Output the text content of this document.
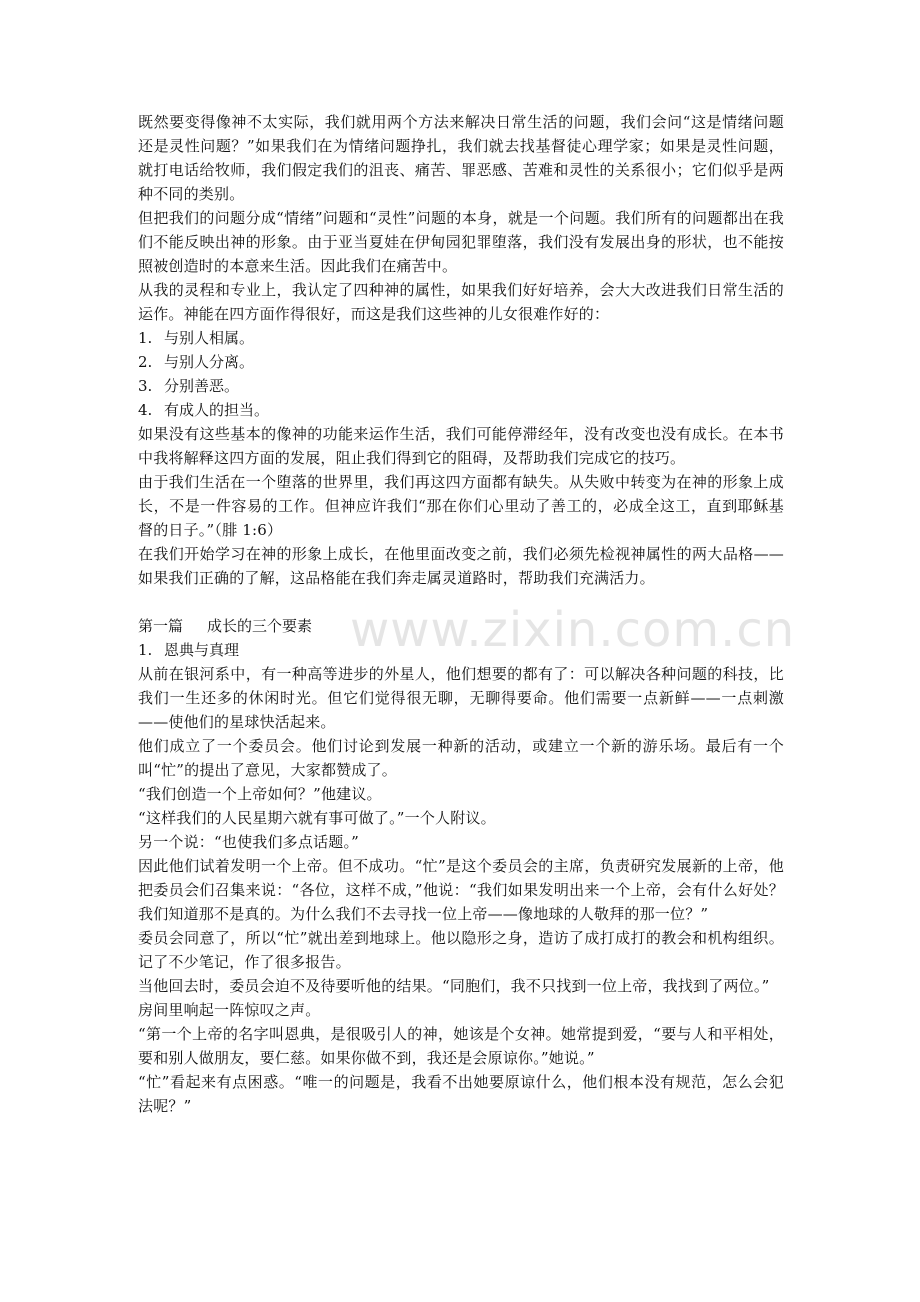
既然要变得像神不太实际，我们就用两个方法来解决日常生活的问题，我们会问“这是情绪问题还是灵性问题？”如果我们在为情绪问题挣扎，我们就去找基督徒心理学家；如果是灵性问题，就打电话给牧师，我们假定我们的沮丧、痛苦、罪恶感、苦难和灵性的关系很小；它们似乎是两种不同的类别。

但把我们的问题分成“情绪”问题和“灵性”问题的本身，就是一个问题。我们所有的问题都出在我们不能反映出神的形象。由于亚当夏娃在伊甸园犯罪堕落，我们没有发展出身的形状，也不能按照被创造时的本意来生活。因此我们在痛苦中。

从我的灵程和专业上，我认定了四种神的属性，如果我们好好培养，会大大改进我们日常生活的运作。神能在四方面作得很好，而这是我们这些神的儿女很难作好的：

1. 与别人相属。
2. 与别人分离。
3. 分别善恶。
4. 有成人的担当。

如果没有这些基本的像神的功能来运作生活，我们可能停滞经年，没有改变也没有成长。在本书中我将解释这四方面的发展，阻止我们得到它的阻碍，及帮助我们完成它的技巧。

由于我们生活在一个堕落的世界里，我们再这四方面都有缺失。从失败中转变为在神的形象上成长，不是一件容易的工作。但神应许我们“那在你们心里动了善工的，必成全这工，直到耶稣基督的日子。”（腓 1:6）

在我们开始学习在神的形象上成长，在他里面改变之前，我们必须先检视神属性的两大品格——如果我们正确的了解，这品格能在我们奔走属灵道路时，帮助我们充满活力。

第一篇 成长的三个要素

1. 恩典与真理

从前在银河系中，有一种高等进步的外星人，他们想要的都有了：可以解决各种问题的科技，比我们一生还多的休闲时光。但它们觉得很无聊，无聊得要命。他们需要一点新鲜——一点刺激——使他们的星球快活起来。

他们成立了一个委员会。他们讨论到发展一种新的活动，或建立一个新的游乐场。最后有一个叫“忙”的提出了意见，大家都赞成了。

“我们创造一个上帝如何？”他建议。

“这样我们的人民星期六就有事可做了。”一个人附议。

另一个说：“也使我们多点话题。”

因此他们试着发明一个上帝。但不成功。“忙”是这个委员会的主席，负责研究发展新的上帝，他把委员会们召集来说：“各位，这样不成，”他说：“我们如果发明出来一个上帝，会有什么好处？我们知道那不是真的。为什么我们不去寻找一位上帝——像地球的人敬拜的那一位？”

委员会同意了，所以“忙”就出差到地球上。他以隐形之身，造访了成打成打的教会和机构组织。记了不少笔记，作了很多报告。

当他回去时，委员会迫不及待要听他的结果。“同胞们，我不只找到一位上帝，我找到了两位。”

房间里响起一阵惊叹之声。

“第一个上帝的名字叫恩典，是很吸引人的神，她该是个女神。她常提到爱，“要与人和平相处，要和别人做朋友，要仁慈。如果你做不到，我还是会原谅你。”她说。”

“忙”看起来有点困惑。“唯一的问题是，我看不出她要原谅什么，他们根本没有规范，怎么会犯法呢？”

www.zixin.com.cn
